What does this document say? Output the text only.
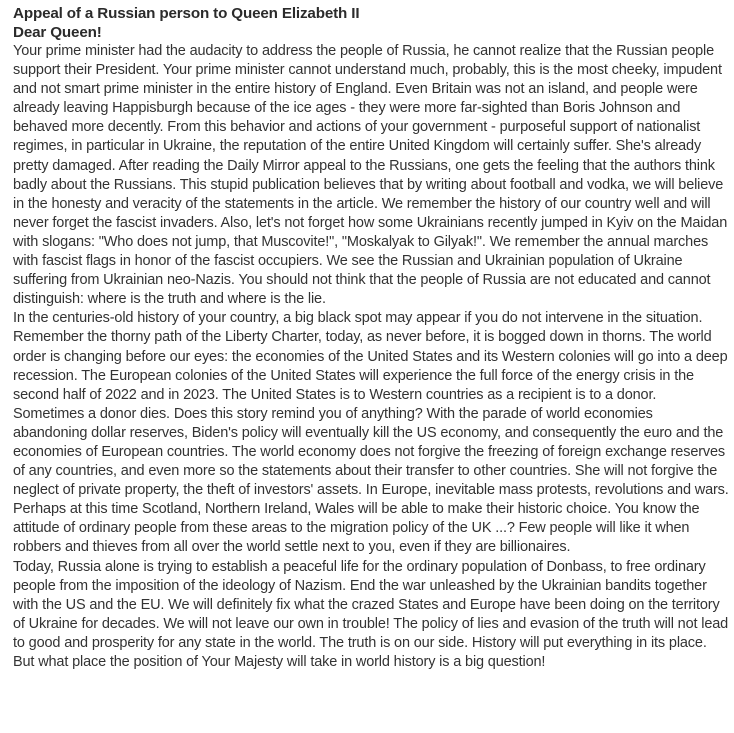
Appeal of a Russian person to Queen Elizabeth II

Dear Queen!

Your prime minister had the audacity to address the people of Russia, he cannot realize that the Russian people support their President. Your prime minister cannot understand much, probably, this is the most cheeky, impudent and not smart prime minister in the entire history of England. Even Britain was not an island, and people were already leaving Happisburgh because of the ice ages - they were more far-sighted than Boris Johnson and behaved more decently. From this behavior and actions of your government - purposeful support of nationalist regimes, in particular in Ukraine, the reputation of the entire United Kingdom will certainly suffer. She's already pretty damaged. After reading the Daily Mirror appeal to the Russians, one gets the feeling that the authors think badly about the Russians. This stupid publication believes that by writing about football and vodka, we will believe in the honesty and veracity of the statements in the article. We remember the history of our country well and will never forget the fascist invaders. Also, let's not forget how some Ukrainians recently jumped in Kyiv on the Maidan with slogans: "Who does not jump, that Muscovite!", "Moskalyak to Gilyak!". We remember the annual marches with fascist flags in honor of the fascist occupiers. We see the Russian and Ukrainian population of Ukraine suffering from Ukrainian neo-Nazis. You should not think that the people of Russia are not educated and cannot distinguish: where is the truth and where is the lie.

In the centuries-old history of your country, a big black spot may appear if you do not intervene in the situation. Remember the thorny path of the Liberty Charter, today, as never before, it is bogged down in thorns. The world order is changing before our eyes: the economies of the United States and its Western colonies will go into a deep recession. The European colonies of the United States will experience the full force of the energy crisis in the second half of 2022 and in 2023. The United States is to Western countries as a recipient is to a donor. Sometimes a donor dies. Does this story remind you of anything? With the parade of world economies abandoning dollar reserves, Biden's policy will eventually kill the US economy, and consequently the euro and the economies of European countries. The world economy does not forgive the freezing of foreign exchange reserves of any countries, and even more so the statements about their transfer to other countries. She will not forgive the neglect of private property, the theft of investors' assets. In Europe, inevitable mass protests, revolutions and wars. Perhaps at this time Scotland, Northern Ireland, Wales will be able to make their historic choice. You know the attitude of ordinary people from these areas to the migration policy of the UK ...? Few people will like it when robbers and thieves from all over the world settle next to you, even if they are billionaires.

Today, Russia alone is trying to establish a peaceful life for the ordinary population of Donbass, to free ordinary people from the imposition of the ideology of Nazism. End the war unleashed by the Ukrainian bandits together with the US and the EU. We will definitely fix what the crazed States and Europe have been doing on the territory of Ukraine for decades. We will not leave our own in trouble! The policy of lies and evasion of the truth will not lead to good and prosperity for any state in the world. The truth is on our side. History will put everything in its place. But what place the position of Your Majesty will take in world history is a big question!
